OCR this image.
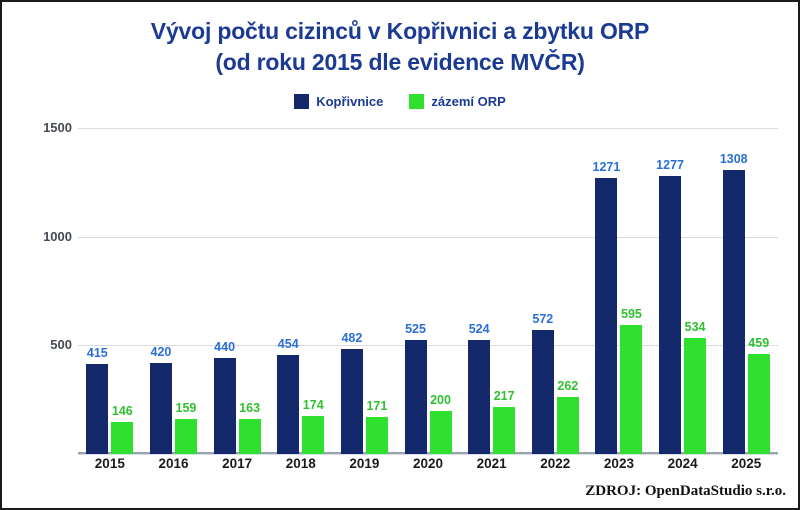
Vývoj počtu cizinců v Kopřivnici a zbytku ORP
(od roku 2015 dle evidence MVČR)
Kopřivnice	zázemí ORP
500
1000
1500
415
146
420
159
440
163
454
174
482
171
525
200
524
217
572
262
1271
595
1277
534
1308
459
2015	2016	2017	2018	2019	2020	2021	2022	2023	2024	2025
ZDROJ: OpenDataStudio s.r.o.
